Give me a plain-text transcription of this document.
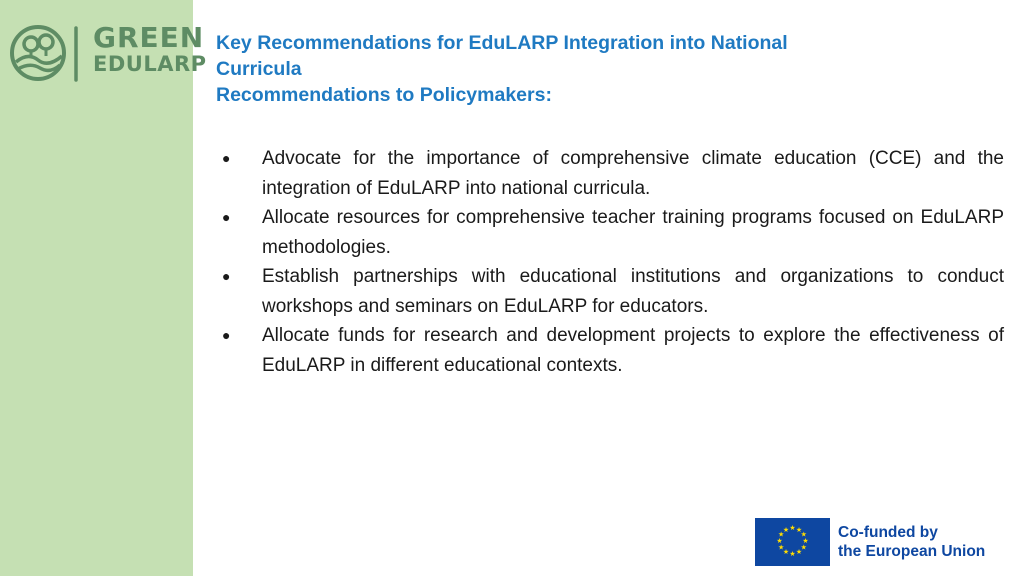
GREEN
EDULARP
Key Recommendations for EduLARP Integration into National
Curricula
Recommendations to Policymakers:
● Advocate for the importance of comprehensive climate education (CCE) and the integration of EduLARP into national curricula.
● Allocate resources for comprehensive teacher training programs focused on EduLARP methodologies.
● Establish partnerships with educational institutions and organizations to conduct workshops and seminars on EduLARP for educators.
● Allocate funds for research and development projects to explore the effectiveness of EduLARP in different educational contexts.
★ ★
★
★
★
★
★
★
★
★
★
★	Co-funded by
the European Union
